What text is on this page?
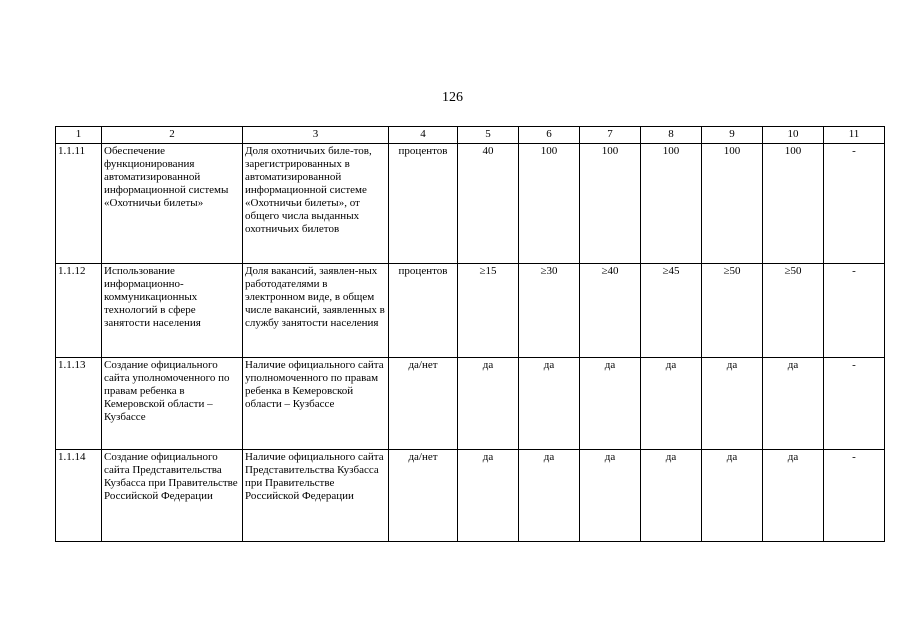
126
1	2	3	4	5	6	7	8	9	10	11
1.1.11	Обеспечение функционирования автоматизированной информационной системы «Охотничьи билеты»	Доля охотничьих биле-тов, зарегистрированных в автоматизированной информационной системе «Охотничьи билеты», от общего числа выданных охотничьих билетов	процентов	40	100	100	100	100	100	-
1.1.12	Использование информационно-коммуникационных технологий в сфере занятости населения	Доля вакансий, заявлен-ных работодателями в электронном виде, в общем числе вакансий, заявленных в службу занятости населения	процентов	≥15	≥30	≥40	≥45	≥50	≥50	-
1.1.13	Создание официального сайта уполномоченного по правам ребенка в Кемеровской области – Кузбассе	Наличие официального сайта уполномоченного по правам ребенка в Кемеровской области – Кузбассе	да/нет	да	да	да	да	да	да	-
1.1.14	Создание официального сайта Представительства Кузбасса при Правительстве Российской Федерации	Наличие официального сайта Представительства Кузбасса при Правительстве Российской Федерации	да/нет	да	да	да	да	да	да	-
